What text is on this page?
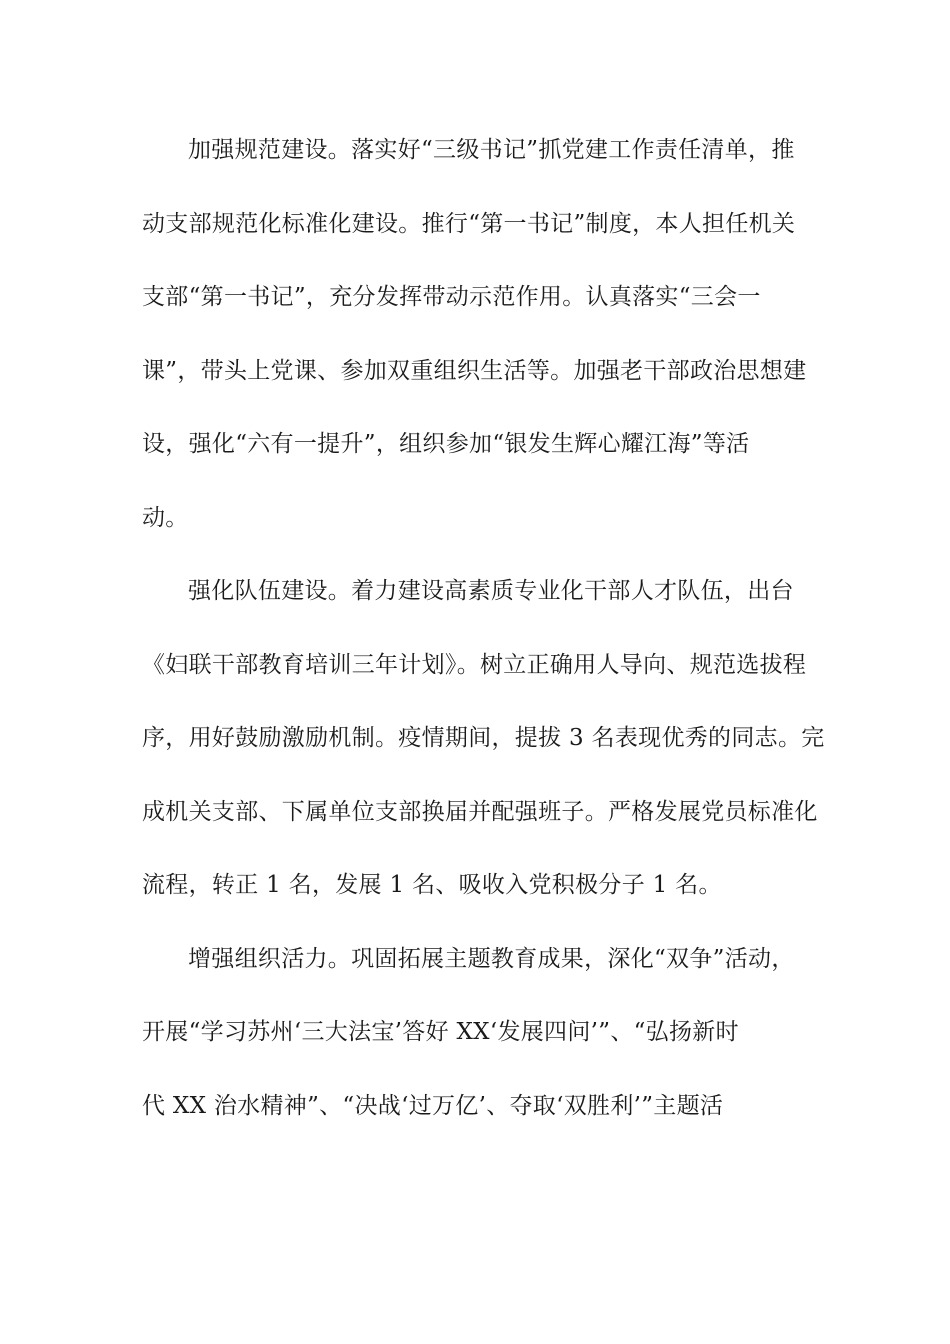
加强规范建设。落实好“三级书记”抓党建工作责任清单，推
动支部规范化标准化建设。推行“第一书记”制度，本人担任机关
支部“第一书记”，充分发挥带动示范作用。认真落实“三会一
课”，带头上党课、参加双重组织生活等。加强老干部政治思想建
设，强化“六有一提升”，组织参加“银发生辉心耀江海”等活
动。
强化队伍建设。着力建设高素质专业化干部人才队伍，出台
《妇联干部教育培训三年计划》。树立正确用人导向、规范选拔程
序，用好鼓励激励机制。疫情期间，提拔 3 名表现优秀的同志。完
成机关支部、下属单位支部换届并配强班子。严格发展党员标准化
流程，转正 1 名，发展 1 名、吸收入党积极分子 1 名。
增强组织活力。巩固拓展主题教育成果，深化“双争”活动，
开展“学习苏州‘三大法宝’答好 XX‘发展四问’”、“弘扬新时
代 XX 治水精神”、“决战‘过万亿’、夺取‘双胜利’”主题活
